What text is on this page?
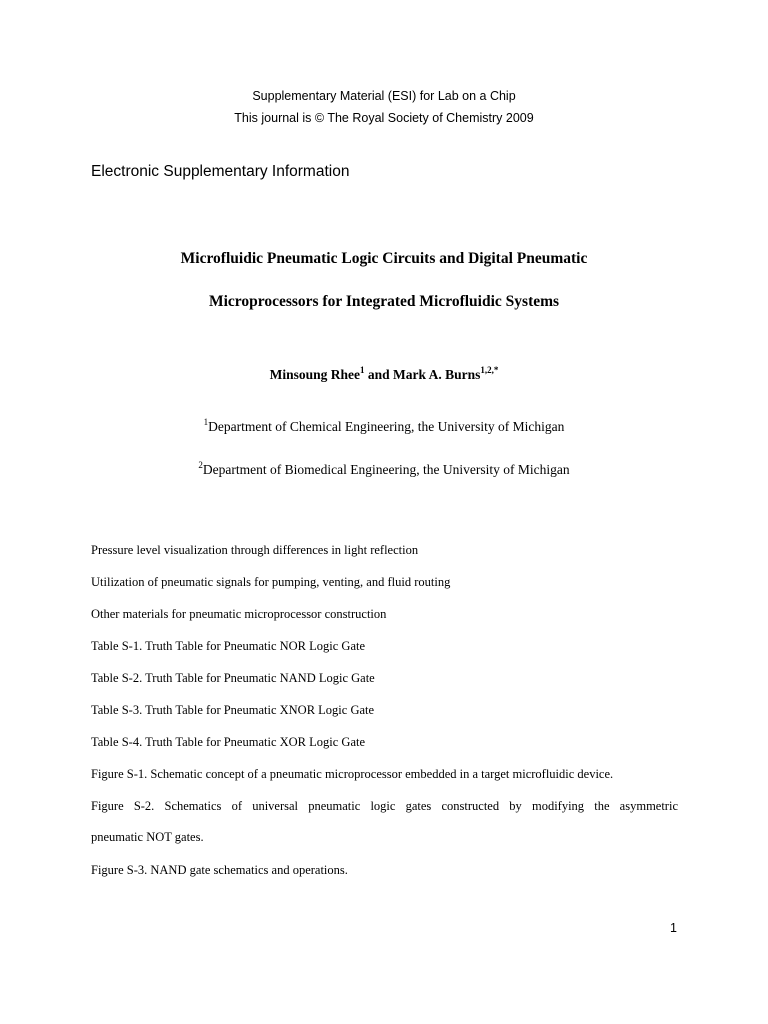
Supplementary Material (ESI) for Lab on a Chip
This journal is © The Royal Society of Chemistry 2009
Electronic Supplementary Information
Microfluidic Pneumatic Logic Circuits and Digital Pneumatic
Microprocessors for Integrated Microfluidic Systems
Minsoung Rhee$^1$ and Mark A. Burns$^{1,2,*}$
$^1$Department of Chemical Engineering, the University of Michigan
$^2$Department of Biomedical Engineering, the University of Michigan
Pressure level visualization through differences in light reflection
Utilization of pneumatic signals for pumping, venting, and fluid routing
Other materials for pneumatic microprocessor construction
Table S-1. Truth Table for Pneumatic NOR Logic Gate
Table S-2. Truth Table for Pneumatic NAND Logic Gate
Table S-3. Truth Table for Pneumatic XNOR Logic Gate
Table S-4. Truth Table for Pneumatic XOR Logic Gate
Figure S-1. Schematic concept of a pneumatic microprocessor embedded in a target microfluidic device.
Figure S-2. Schematics of universal pneumatic logic gates constructed by modifying the asymmetric
pneumatic NOT gates.
Figure S-3. NAND gate schematics and operations.
1
